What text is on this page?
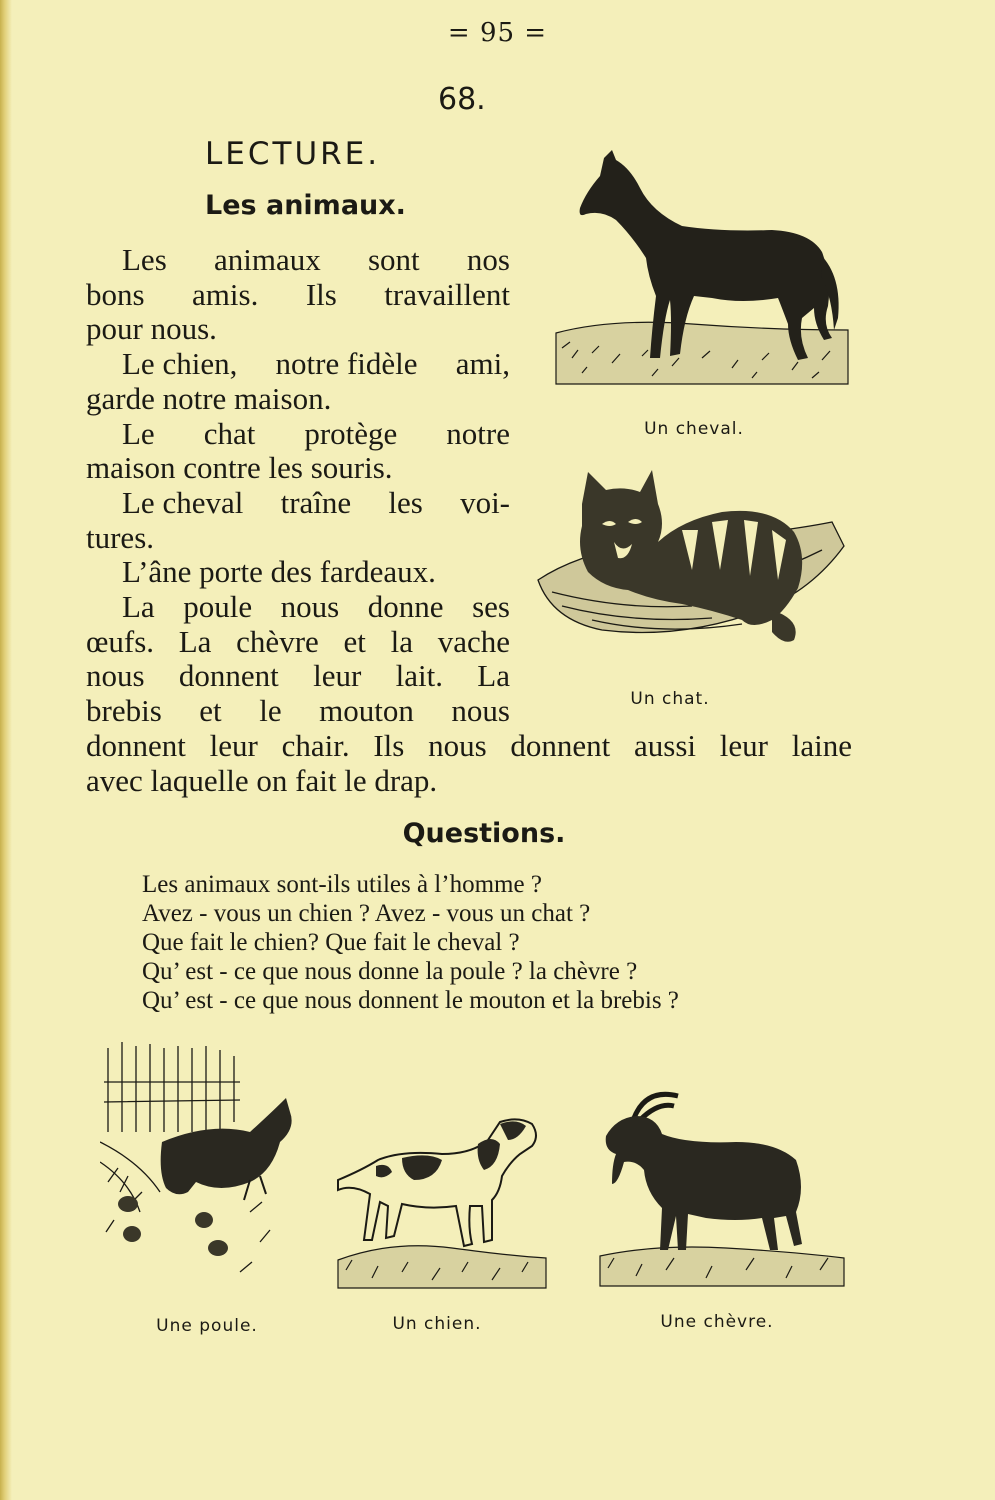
= 95 =
68.
LECTURE.
Les animaux.
Les animaux sont nos
bons amis. Ils travaillent
pour nous.
Le chien, notre fidèle ami,
garde notre maison.
Le chat protège notre
maison contre les souris.
Le cheval traîne les voi-
tures.
L’âne porte des fardeaux.
La poule nous donne ses
œufs. La chèvre et la vache
nous donnent leur lait. La
brebis et le mouton nous
donnent leur chair. Ils nous donnent aussi leur laine
avec laquelle on fait le drap.
Un cheval.
Un chat.
Questions.
Les animaux sont-ils utiles à l’homme ?
Avez - vous un chien ? Avez - vous un chat ?
Que fait le chien? Que fait le cheval ?
Qu’ est - ce que nous donne la poule ? la chèvre ?
Qu’ est - ce que nous donnent le mouton et la brebis ?
Une poule.	Un chien.	Une chèvre.
